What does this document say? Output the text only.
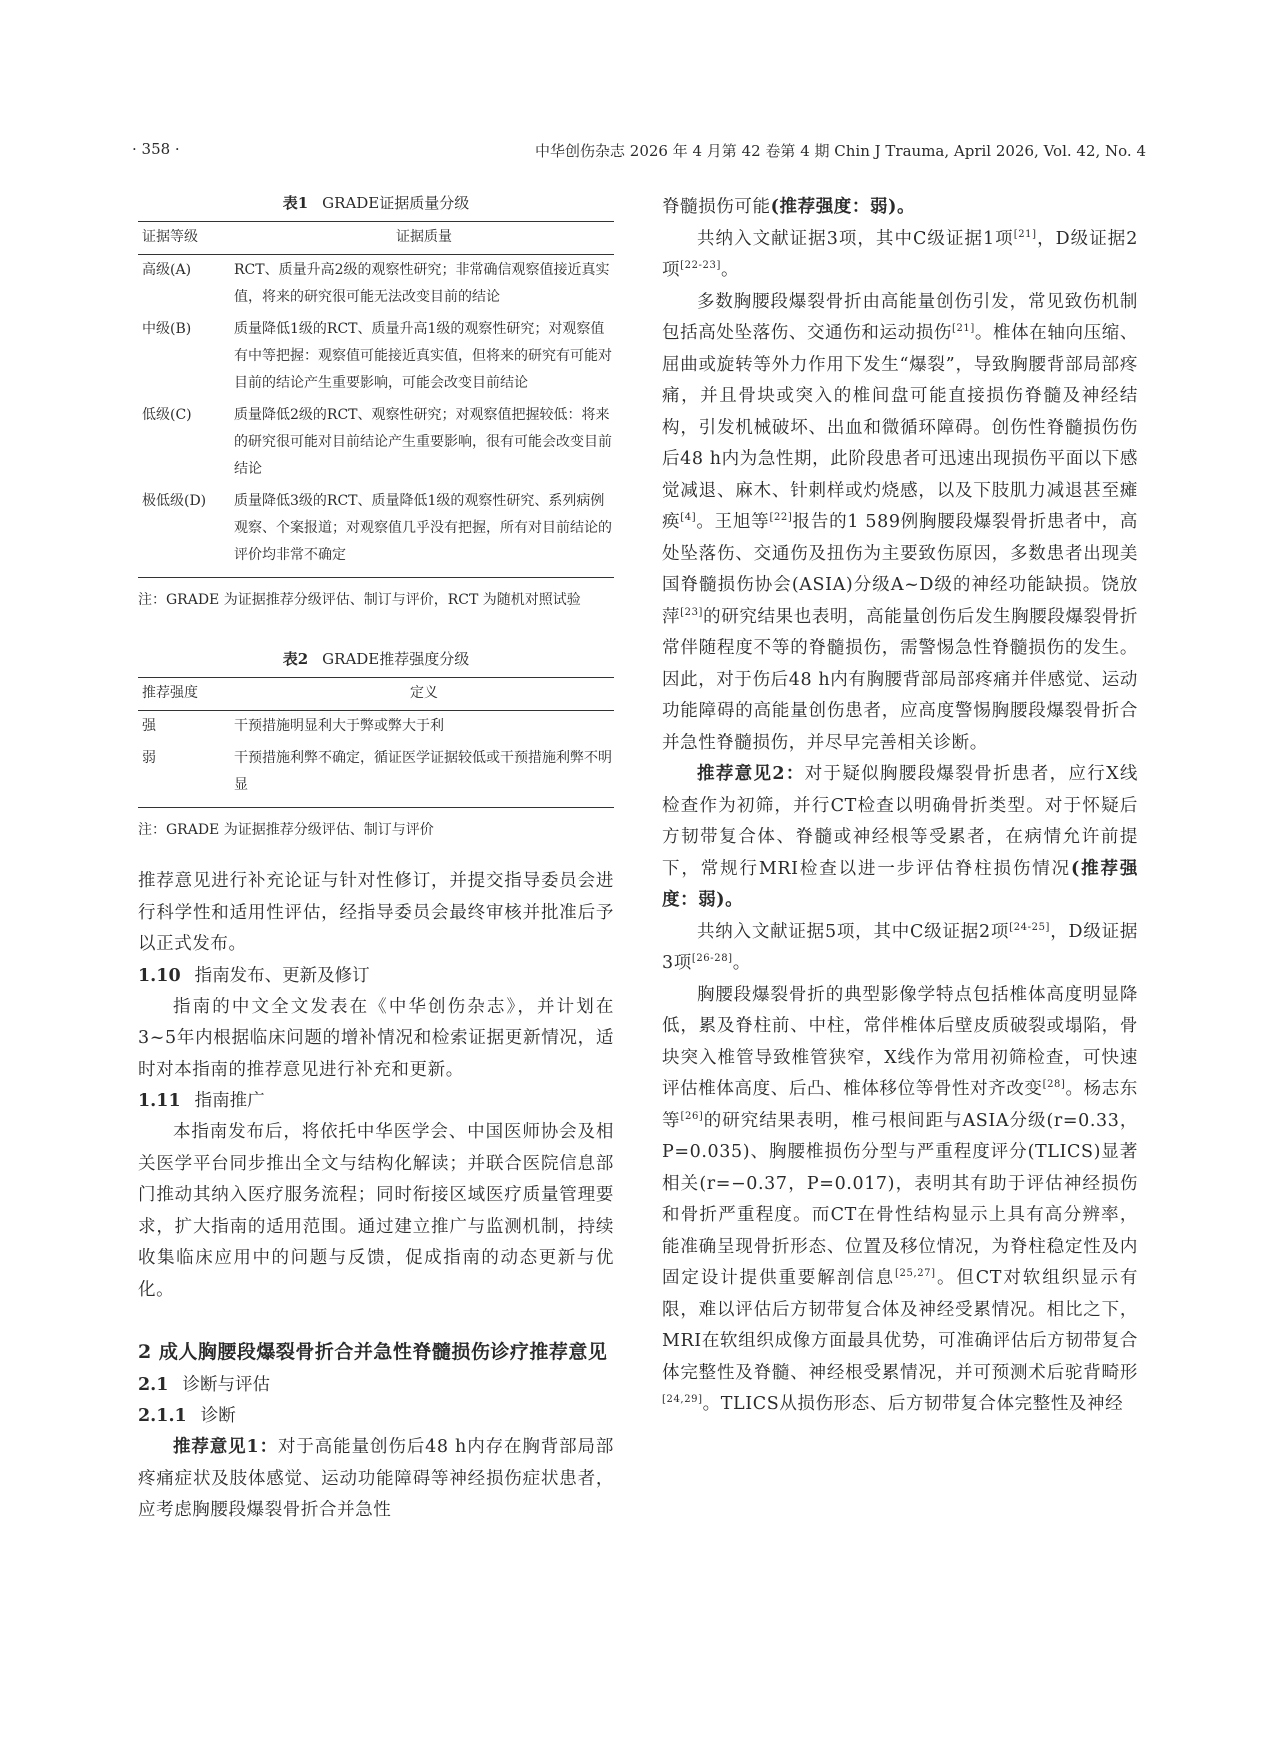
· 358 ·	中华创伤杂志 2026 年 4 月第 42 卷第 4 期 Chin J Trauma, April 2026, Vol. 42, No. 4
表1 GRADE证据质量分级
证据等级	证据质量
高级(A)	RCT、质量升高2级的观察性研究；非常确信观察值接近真实值，将来的研究很可能无法改变目前的结论
中级(B)	质量降低1级的RCT、质量升高1级的观察性研究；对观察值有中等把握：观察值可能接近真实值，但将来的研究有可能对目前的结论产生重要影响，可能会改变目前结论
低级(C)	质量降低2级的RCT、观察性研究；对观察值把握较低：将来的研究很可能对目前结论产生重要影响，很有可能会改变目前结论
极低级(D)	质量降低3级的RCT、质量降低1级的观察性研究、系列病例观察、个案报道；对观察值几乎没有把握，所有对目前结论的评价均非常不确定
注：GRADE 为证据推荐分级评估、制订与评价，RCT 为随机对照试验
表2 GRADE推荐强度分级
推荐强度	定义
强	干预措施明显利大于弊或弊大于利
弱	干预措施利弊不确定，循证医学证据较低或干预措施利弊不明显
注：GRADE 为证据推荐分级评估、制订与评价

推荐意见进行补充论证与针对性修订，并提交指导委员会进行科学性和适用性评估，经指导委员会最终审核并批准后予以正式发布。

1.10 指南发布、更新及修订

指南的中文全文发表在《中华创伤杂志》，并计划在3~5年内根据临床问题的增补情况和检索证据更新情况，适时对本指南的推荐意见进行补充和更新。

1.11 指南推广

本指南发布后，将依托中华医学会、中国医师协会及相关医学平台同步推出全文与结构化解读；并联合医院信息部门推动其纳入医疗服务流程；同时衔接区域医疗质量管理要求，扩大指南的适用范围。通过建立推广与监测机制，持续收集临床应用中的问题与反馈，促成指南的动态更新与优化。

2 成人胸腰段爆裂骨折合并急性脊髓损伤诊疗推荐意见
2.1 诊断与评估
2.1.1 诊断

推荐意见1：对于高能量创伤后48 h内存在胸背部局部疼痛症状及肢体感觉、运动功能障碍等神经损伤症状患者，应考虑胸腰段爆裂骨折合并急性

脊髓损伤可能(推荐强度：弱)。

共纳入文献证据3项，其中C级证据1项[21]，D级证据2项[22-23]。

多数胸腰段爆裂骨折由高能量创伤引发，常见致伤机制包括高处坠落伤、交通伤和运动损伤[21]。椎体在轴向压缩、屈曲或旋转等外力作用下发生“爆裂”，导致胸腰背部局部疼痛，并且骨块或突入的椎间盘可能直接损伤脊髓及神经结构，引发机械破坏、出血和微循环障碍。创伤性脊髓损伤伤后48 h内为急性期，此阶段患者可迅速出现损伤平面以下感觉减退、麻木、针刺样或灼烧感，以及下肢肌力减退甚至瘫痪[4]。王旭等[22]报告的1 589例胸腰段爆裂骨折患者中，高处坠落伤、交通伤及扭伤为主要致伤原因，多数患者出现美国脊髓损伤协会(ASIA)分级A~D级的神经功能缺损。饶放萍[23]的研究结果也表明，高能量创伤后发生胸腰段爆裂骨折常伴随程度不等的脊髓损伤，需警惕急性脊髓损伤的发生。因此，对于伤后48 h内有胸腰背部局部疼痛并伴感觉、运动功能障碍的高能量创伤患者，应高度警惕胸腰段爆裂骨折合并急性脊髓损伤，并尽早完善相关诊断。

推荐意见2：对于疑似胸腰段爆裂骨折患者，应行X线检查作为初筛，并行CT检查以明确骨折类型。对于怀疑后方韧带复合体、脊髓或神经根等受累者，在病情允许前提下，常规行MRI检查以进一步评估脊柱损伤情况(推荐强度：弱)。

共纳入文献证据5项，其中C级证据2项[24-25]，D级证据3项[26-28]。

胸腰段爆裂骨折的典型影像学特点包括椎体高度明显降低，累及脊柱前、中柱，常伴椎体后壁皮质破裂或塌陷，骨块突入椎管导致椎管狭窄，X线作为常用初筛检查，可快速评估椎体高度、后凸、椎体移位等骨性对齐改变[28]。杨志东等[26]的研究结果表明，椎弓根间距与ASIA分级(r=0.33，P=0.035)、胸腰椎损伤分型与严重程度评分(TLICS)显著相关(r=−0.37，P=0.017)，表明其有助于评估神经损伤和骨折严重程度。而CT在骨性结构显示上具有高分辨率，能准确呈现骨折形态、位置及移位情况，为脊柱稳定性及内固定设计提供重要解剖信息[25,27]。但CT对软组织显示有限，难以评估后方韧带复合体及神经受累情况。相比之下，MRI在软组织成像方面最具优势，可准确评估后方韧带复合体完整性及脊髓、神经根受累情况，并可预测术后驼背畸形[24,29]。TLICS从损伤形态、后方韧带复合体完整性及神经
